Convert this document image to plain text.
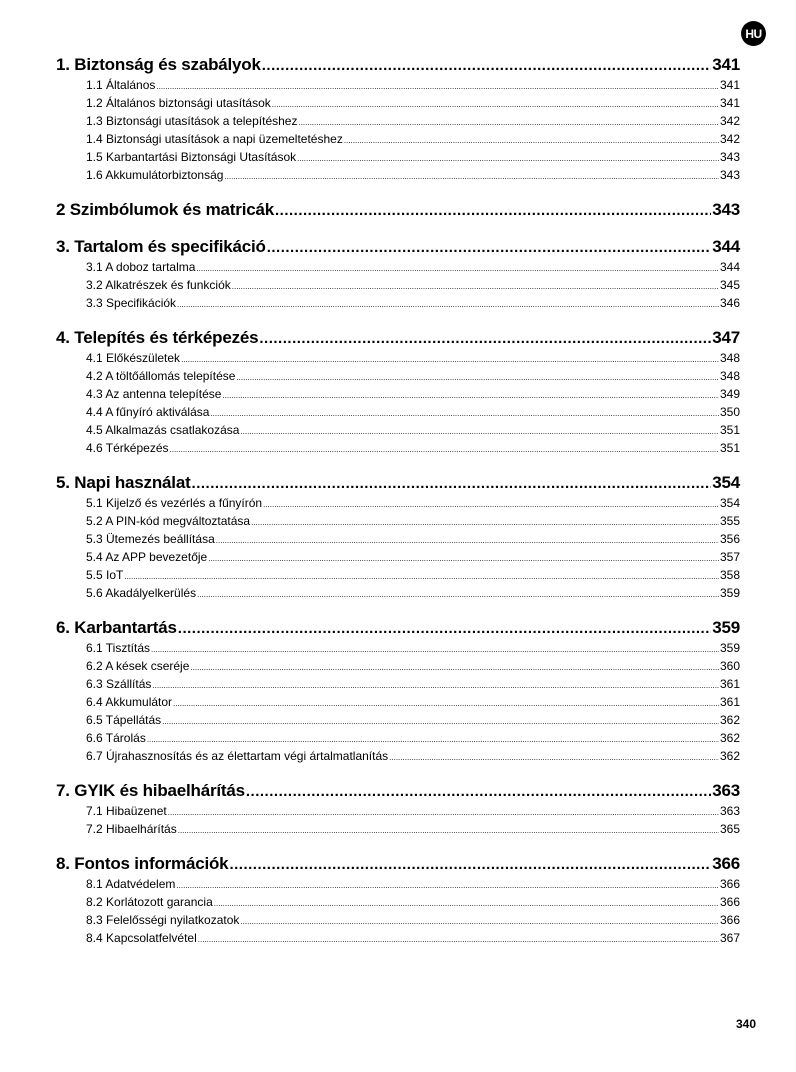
HU
1. Biztonság és szabályok .....	341
1.1 Általános .....	341
1.2 Általános biztonsági utasítások .....	341
1.3 Biztonsági utasítások a telepítéshez .....	342
1.4 Biztonsági utasítások a napi üzemeltetéshez .....	342
1.5 Karbantartási Biztonsági Utasítások .....	343
1.6 Akkumulátorbiztonság .....	343
2 Szimbólumok és matricák .....	343
3. Tartalom és specifikáció .....	344
3.1 A doboz tartalma .....	344
3.2 Alkatrészek és funkciók .....	345
3.3 Specifikációk .....	346
4. Telepítés és térképezés .....	347
4.1 Előkészületek .....	348
4.2 A töltőállomás telepítése .....	348
4.3 Az antenna telepítése .....	349
4.4 A fűnyíró aktiválása .....	350
4.5 Alkalmazás csatlakozása .....	351
4.6 Térképezés .....	351
5. Napi használat .....	354
5.1 Kijelző és vezérlés a fűnyírón .....	354
5.2 A PIN-kód megváltoztatása .....	355
5.3 Ütemezés beállítása .....	356
5.4 Az APP bevezetője .....	357
5.5 IoT .....	358
5.6 Akadályelkerülés .....	359
6. Karbantartás .....	359
6.1 Tisztítás .....	359
6.2 A kések cseréje .....	360
6.3 Szállítás .....	361
6.4 Akkumulátor .....	361
6.5 Tápellátás .....	362
6.6 Tárolás .....	362
6.7 Újrahasznosítás és az élettartam végi ártalmatlanítás .....	362
7. GYIK és hibaelhárítás .....	363
7.1 Hibaüzenet .....	363
7.2 Hibaelhárítás .....	365
8. Fontos információk .....	366
8.1 Adatvédelem .....	366
8.2 Korlátozott garancia .....	366
8.3 Felelősségi nyilatkozatok .....	366
8.4 Kapcsolatfelvétel .....	367
340
